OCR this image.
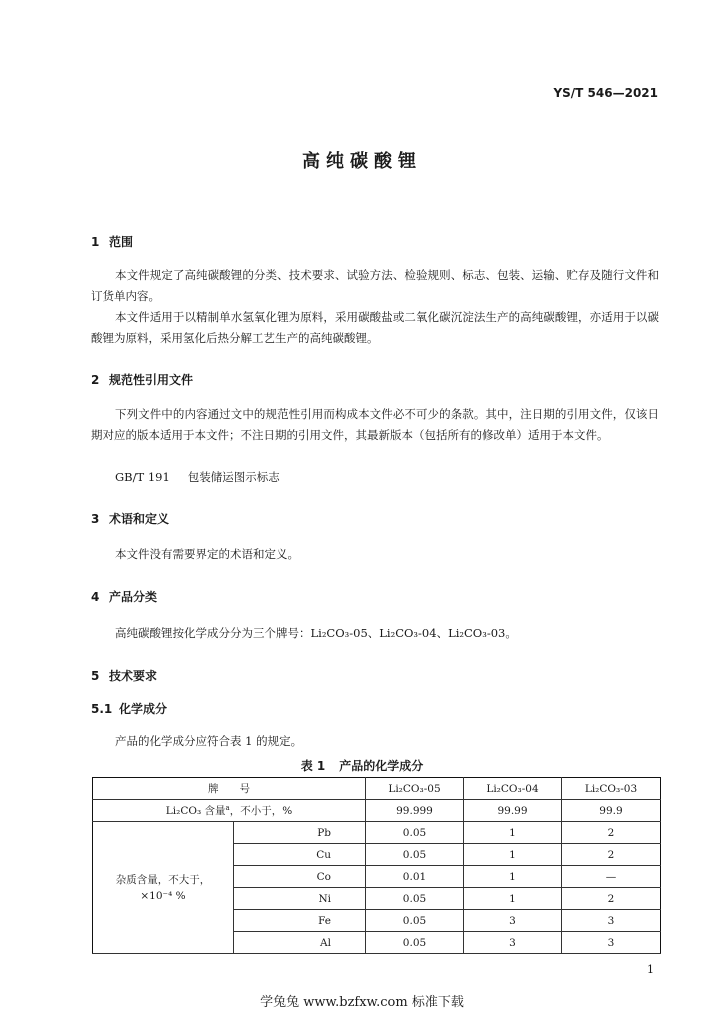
YS/T 546—2021
高纯碳酸锂
1 范围
本文件规定了高纯碳酸锂的分类、技术要求、试验方法、检验规则、标志、包装、运输、贮存及随行文件和订货单内容。
本文件适用于以精制单水氢氧化锂为原料，采用碳酸盐或二氧化碳沉淀法生产的高纯碳酸锂，亦适用于以碳酸锂为原料，采用氢化后热分解工艺生产的高纯碳酸锂。
2 规范性引用文件
下列文件中的内容通过文中的规范性引用而构成本文件必不可少的条款。其中，注日期的引用文件，仅该日期对应的版本适用于本文件；不注日期的引用文件，其最新版本（包括所有的修改单）适用于本文件。
GB/T 191 包装储运图示标志
3 术语和定义
本文件没有需要界定的术语和定义。
4 产品分类
高纯碳酸锂按化学成分分为三个牌号：Li₂CO₃-05、Li₂CO₃-04、Li₂CO₃-03。
5 技术要求
5.1 化学成分
产品的化学成分应符合表 1 的规定。
表 1 产品的化学成分
牌　　号		Li₂CO₃-05	Li₂CO₃-04	Li₂CO₃-03
Li₂CO₃ 含量$^a$，不小于，%		99.999	99.99	99.9
杂质含量，不大于，
×10⁻⁴ %	Pb	0.05	1	2
	Cu	0.05	1	2
	Co	0.01	1	—
	Ni	0.05	1	2
	Fe	0.05	3	3
	Al	0.05	3	3
1
学兔兔 www.bzfxw.com 标准下载
